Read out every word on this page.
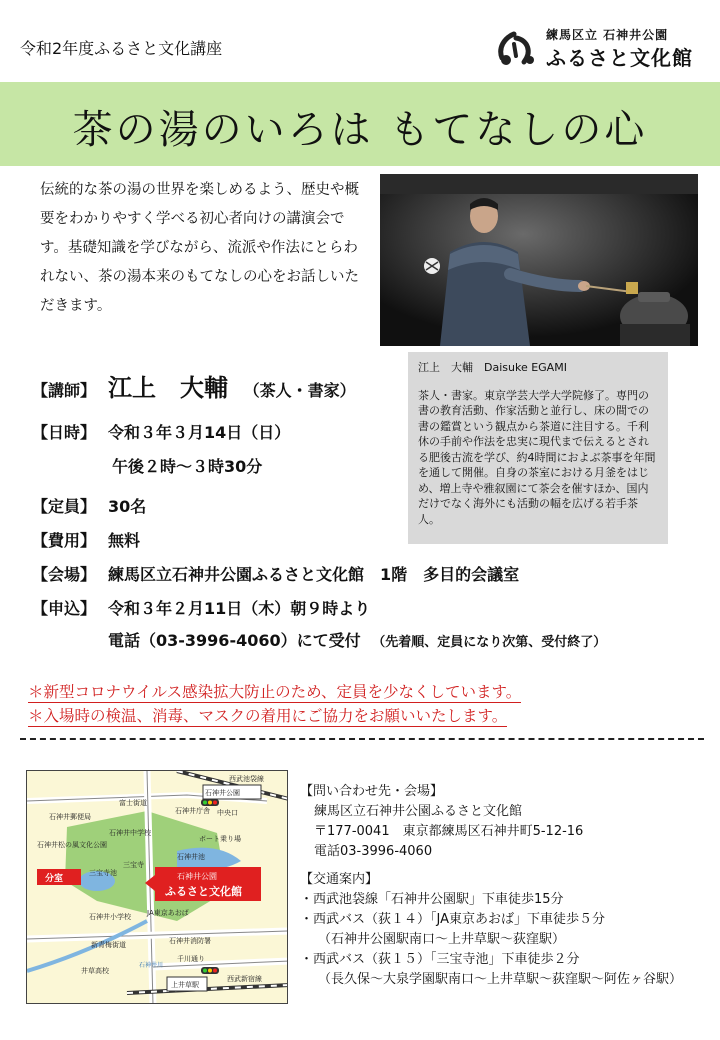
令和2年度ふるさと文化講座
練馬区立 石神井公園
ふるさと文化館
茶の湯のいろは もてなしの心
伝統的な茶の湯の世界を楽しめるよう、歴史や概要をわかりやすく学べる初心者向けの講演会です。基礎知識を学びながら、流派や作法にとらわれない、茶の湯本来のもてなしの心をお話しいただきます。
江上　大輔　Daisuke EGAMI
茶人・書家。東京学芸大学大学院修了。専門の書の教育活動、作家活動と並行し、床の間での書の鑑賞という観点から茶道に注目する。千利休の手前や作法を忠実に現代まで伝えるとされる肥後古流を学び、約4時間におよぶ茶事を年間を通して開催。自身の茶室における月釜をはじめ、増上寺や雅叙園にて茶会を催すほか、国内だけでなく海外にも活動の幅を広げる若手茶人。
【講師】 江上　大輔 （茶人・書家）
【日時】 令和３年３月14日（日）
午後２時～３時30分
【定員】 30名
【費用】 無料
【会場】 練馬区立石神井公園ふるさと文化館　1階　多目的会議室
【申込】 令和３年２月11日（木）朝９時より
電話（03-3996-4060）にて受付 （先着順、定員になり次第、受付終了）
＊新型コロナウイルス感染拡大防止のため、定員を少なくしています。
＊入場時の検温、消毒、マスクの着用にご協力をお願いいたします。
西武池袋線
石神井公園
富士街道
石神井庁舎 中央口
石神井郵便局
石神井中学校
石神井松の風文化公園
ボート乗り場
三宝寺池
石神井池
分室	石神井公園
ふるさと文化館
三宝寺
石神井小学校 JA東京あおば
新青梅街道	石神井消防署
井草高校
千川通り
西武新宿線
上井草駅
石神井川
【問い合わせ先・会場】
練馬区立石神井公園ふるさと文化館
〒177-0041　東京都練馬区石神井町5-12-16
電話03-3996-4060
【交通案内】
・西武池袋線「石神井公園駅」下車徒歩15分
・西武バス（荻１４）「JA東京あおば」下車徒歩５分
（石神井公園駅南口～上井草駅～荻窪駅）
・西武バス（荻１５）「三宝寺池」下車徒歩２分
（長久保～大泉学園駅南口～上井草駅～荻窪駅～阿佐ヶ谷駅）
